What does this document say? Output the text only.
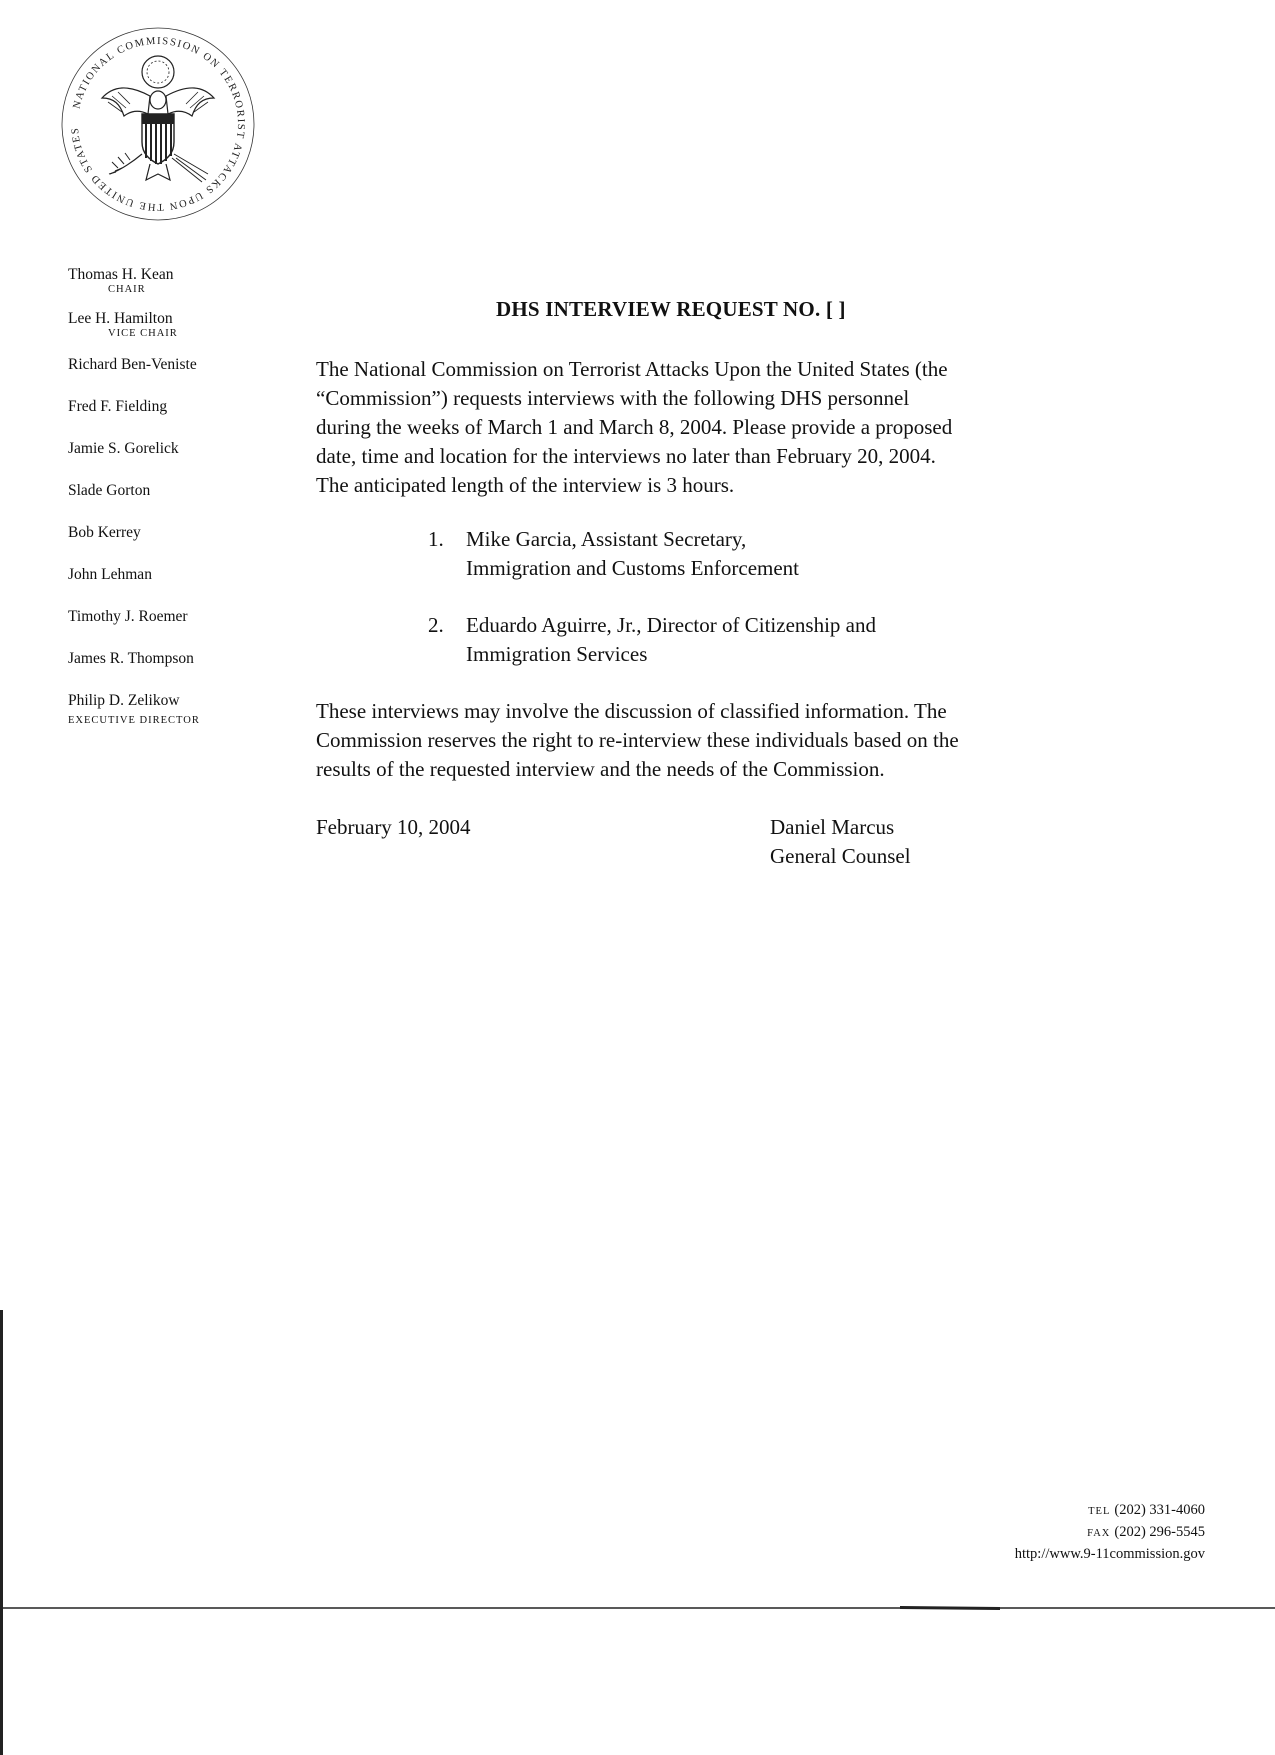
NATIONAL COMMISSION ON TERRORIST ATTACKS UPON THE UNITED STATES
Thomas H. Kean
CHAIR
Lee H. Hamilton
VICE CHAIR
Richard Ben-Veniste
Fred F. Fielding
Jamie S. Gorelick
Slade Gorton
Bob Kerrey
John Lehman
Timothy J. Roemer
James R. Thompson
Philip D. Zelikow
EXECUTIVE DIRECTOR
DHS INTERVIEW REQUEST NO. [ ]

The National Commission on Terrorist Attacks Upon the United States (the
“Commission”) requests interviews with the following DHS personnel
during the weeks of March 1 and March 8, 2004. Please provide a proposed
date, time and location for the interviews no later than February 20, 2004.
The anticipated length of the interview is 3 hours.

1. Mike Garcia, Assistant Secretary,
Immigration and Customs Enforcement
2. Eduardo Aguirre, Jr., Director of Citizenship and
Immigration Services

These interviews may involve the discussion of classified information. The
Commission reserves the right to re-interview these individuals based on the
results of the requested interview and the needs of the Commission.

February 10, 2004	Daniel Marcus
General Counsel
TEL (202) 331-4060
FAX (202) 296-5545
http://www.9-11commission.gov
